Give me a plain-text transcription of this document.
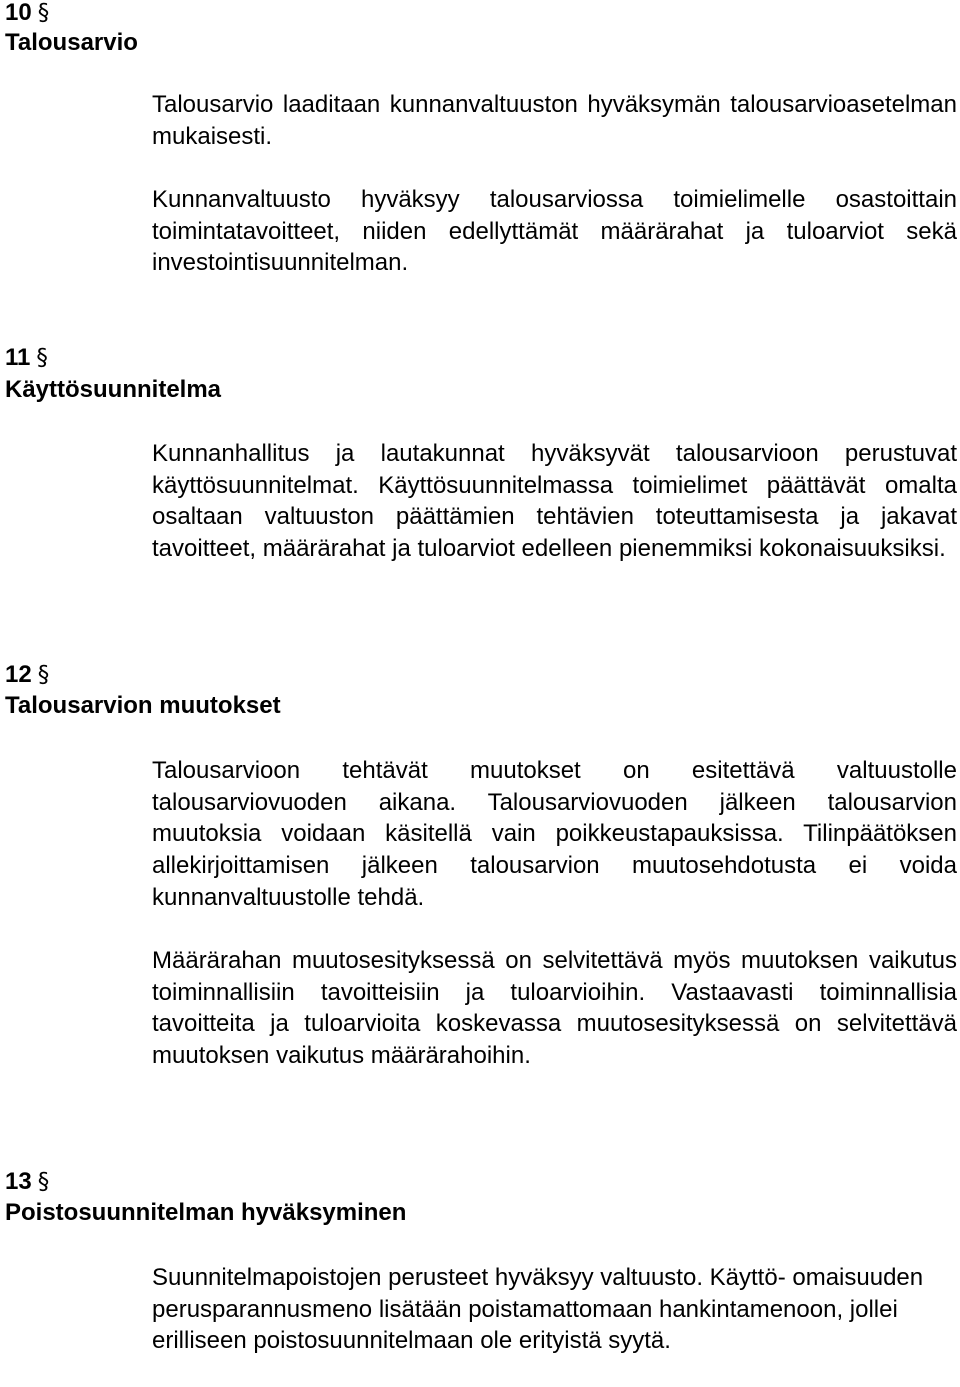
10 §
Talousarvio

Talousarvio laaditaan kunnanvaltuuston hyväksymän talousarvioasetelman mukaisesti.

Kunnanvaltuusto hyväksyy talousarviossa toimielimelle osastoittain toimintatavoitteet, niiden edellyttämät määrärahat ja tuloarviot sekä investointisuunnitelman.

11 §
Käyttösuunnitelma

Kunnanhallitus ja lautakunnat hyväksyvät talousarvioon perustuvat käyttösuunnitelmat. Käyttösuunnitelmassa toimielimet päättävät omalta osaltaan valtuuston päättämien tehtävien toteuttamisesta ja jakavat tavoitteet, määrärahat ja tuloarviot edelleen pienemmiksi kokonaisuuksiksi.

12 §
Talousarvion muutokset

Talousarvioon tehtävät muutokset on esitettävä valtuustolle talousarviovuoden aikana. Talousarviovuoden jälkeen talousarvion muutoksia voidaan käsitellä vain poikkeustapauksissa. Tilinpäätöksen allekirjoittamisen jälkeen talousarvion muutosehdotusta ei voida kunnanvaltuustolle tehdä.

Määrärahan muutosesityksessä on selvitettävä myös muutoksen vaikutus toiminnallisiin tavoitteisiin ja tuloarvioihin. Vastaavasti toiminnallisia tavoitteita ja tuloarvioita koskevassa muutosesityksessä on selvitettävä muutoksen vaikutus määrärahoihin.

13 §
Poistosuunnitelman hyväksyminen

Suunnitelmapoistojen perusteet hyväksyy valtuusto. Käyttö- omaisuuden perusparannusmeno lisätään poistamattomaan hankintamenoon, jollei erilliseen poistosuunnitelmaan ole erityistä syytä.
